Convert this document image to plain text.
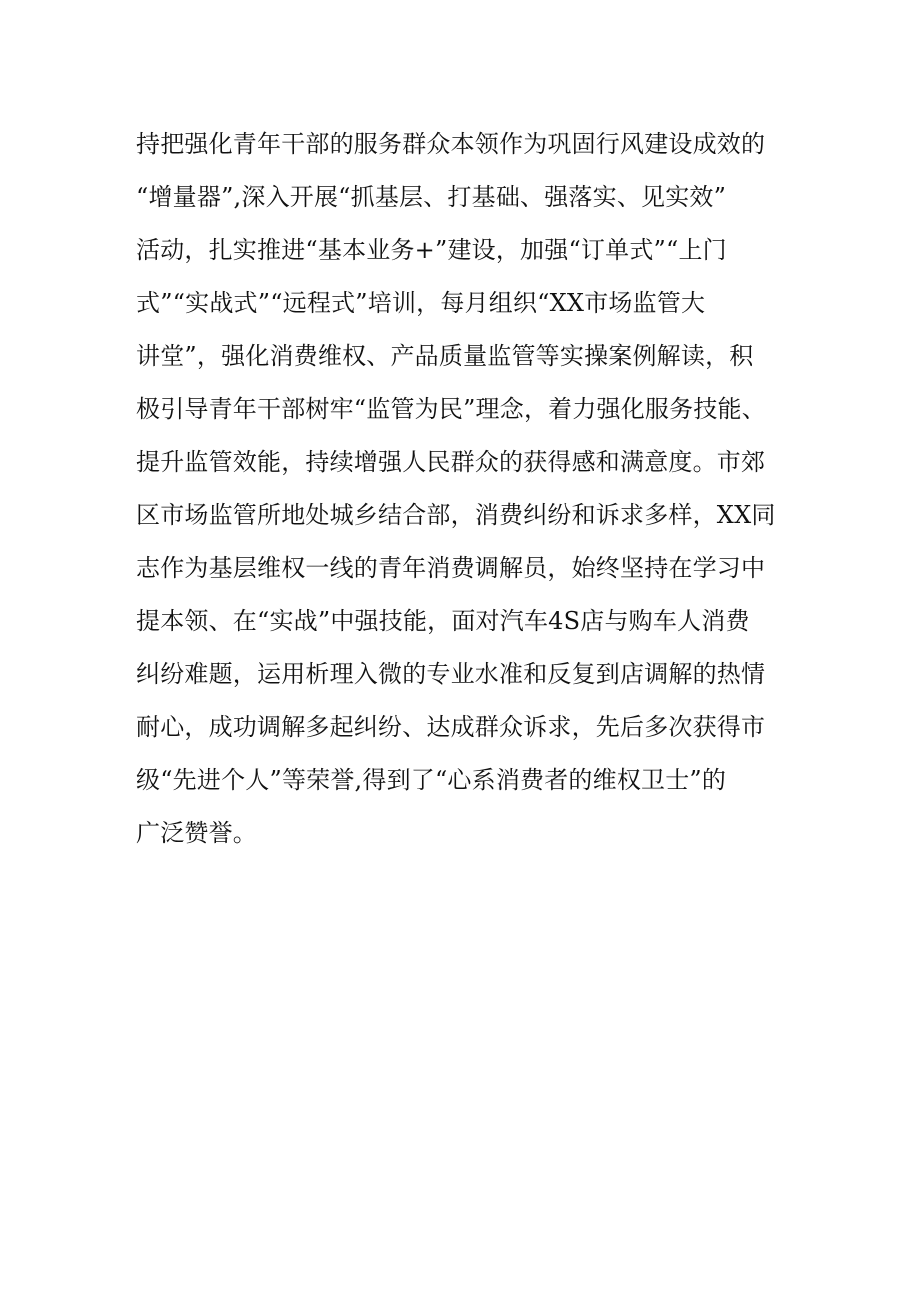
持把强化青年干部的服务群众本领作为巩固行风建设成效的
“增量器”,深入开展“抓基层、打基础、强落实、见实效”
活动，扎实推进“基本业务+”建设，加强“订单式”“上门
式”“实战式”“远程式”培训，每月组织“XX市场监管大
讲堂”，强化消费维权、产品质量监管等实操案例解读，积
极引导青年干部树牢“监管为民”理念，着力强化服务技能、
提升监管效能，持续增强人民群众的获得感和满意度。市郊
区市场监管所地处城乡结合部，消费纠纷和诉求多样，XX同
志作为基层维权一线的青年消费调解员，始终坚持在学习中
提本领、在“实战”中强技能，面对汽车4S店与购车人消费
纠纷难题，运用析理入微的专业水准和反复到店调解的热情
耐心，成功调解多起纠纷、达成群众诉求，先后多次获得市
级“先进个人”等荣誉,得到了“心系消费者的维权卫士”的
广泛赞誉。
